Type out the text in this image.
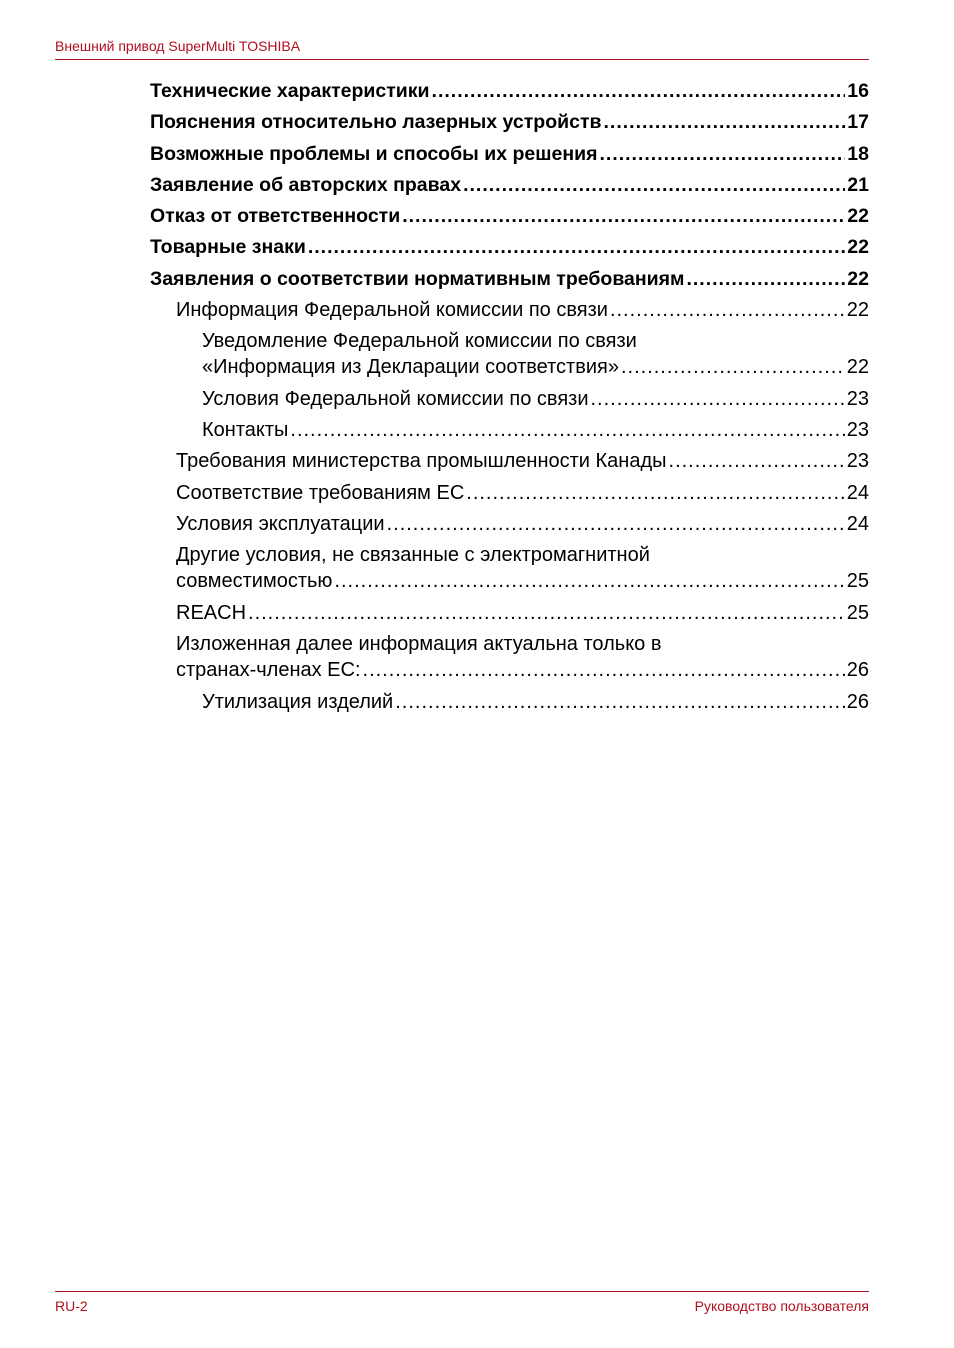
Внешний привод SuperMulti TOSHIBA
Технические характеристики .....	16
Пояснения относительно лазерных устройств .....	17
Возможные проблемы и способы их решения .....	18
Заявление об авторских правах .....	21
Отказ от ответственности .....	22
Товарные знаки .....	22
Заявления о соответствии нормативным требованиям .....	22
Информация Федеральной комиссии по связи .....	22
Уведомление Федеральной комиссии по связи
«Информация из Декларации соответствия» .....	22
Условия Федеральной комиссии по связи .....	23
Контакты .....	23
Требования министерства промышленности Канады .....	23
Соответствие требованиям ЕС .....	24
Условия эксплуатации .....	24
Другие условия, не связанные с электромагнитной
совместимостью .....	25
REACH .....	25
Изложенная далее информация актуальна только в
странах-членах ЕС: .....	26
Утилизация изделий .....	26
RU-2	Руководство пользователя
